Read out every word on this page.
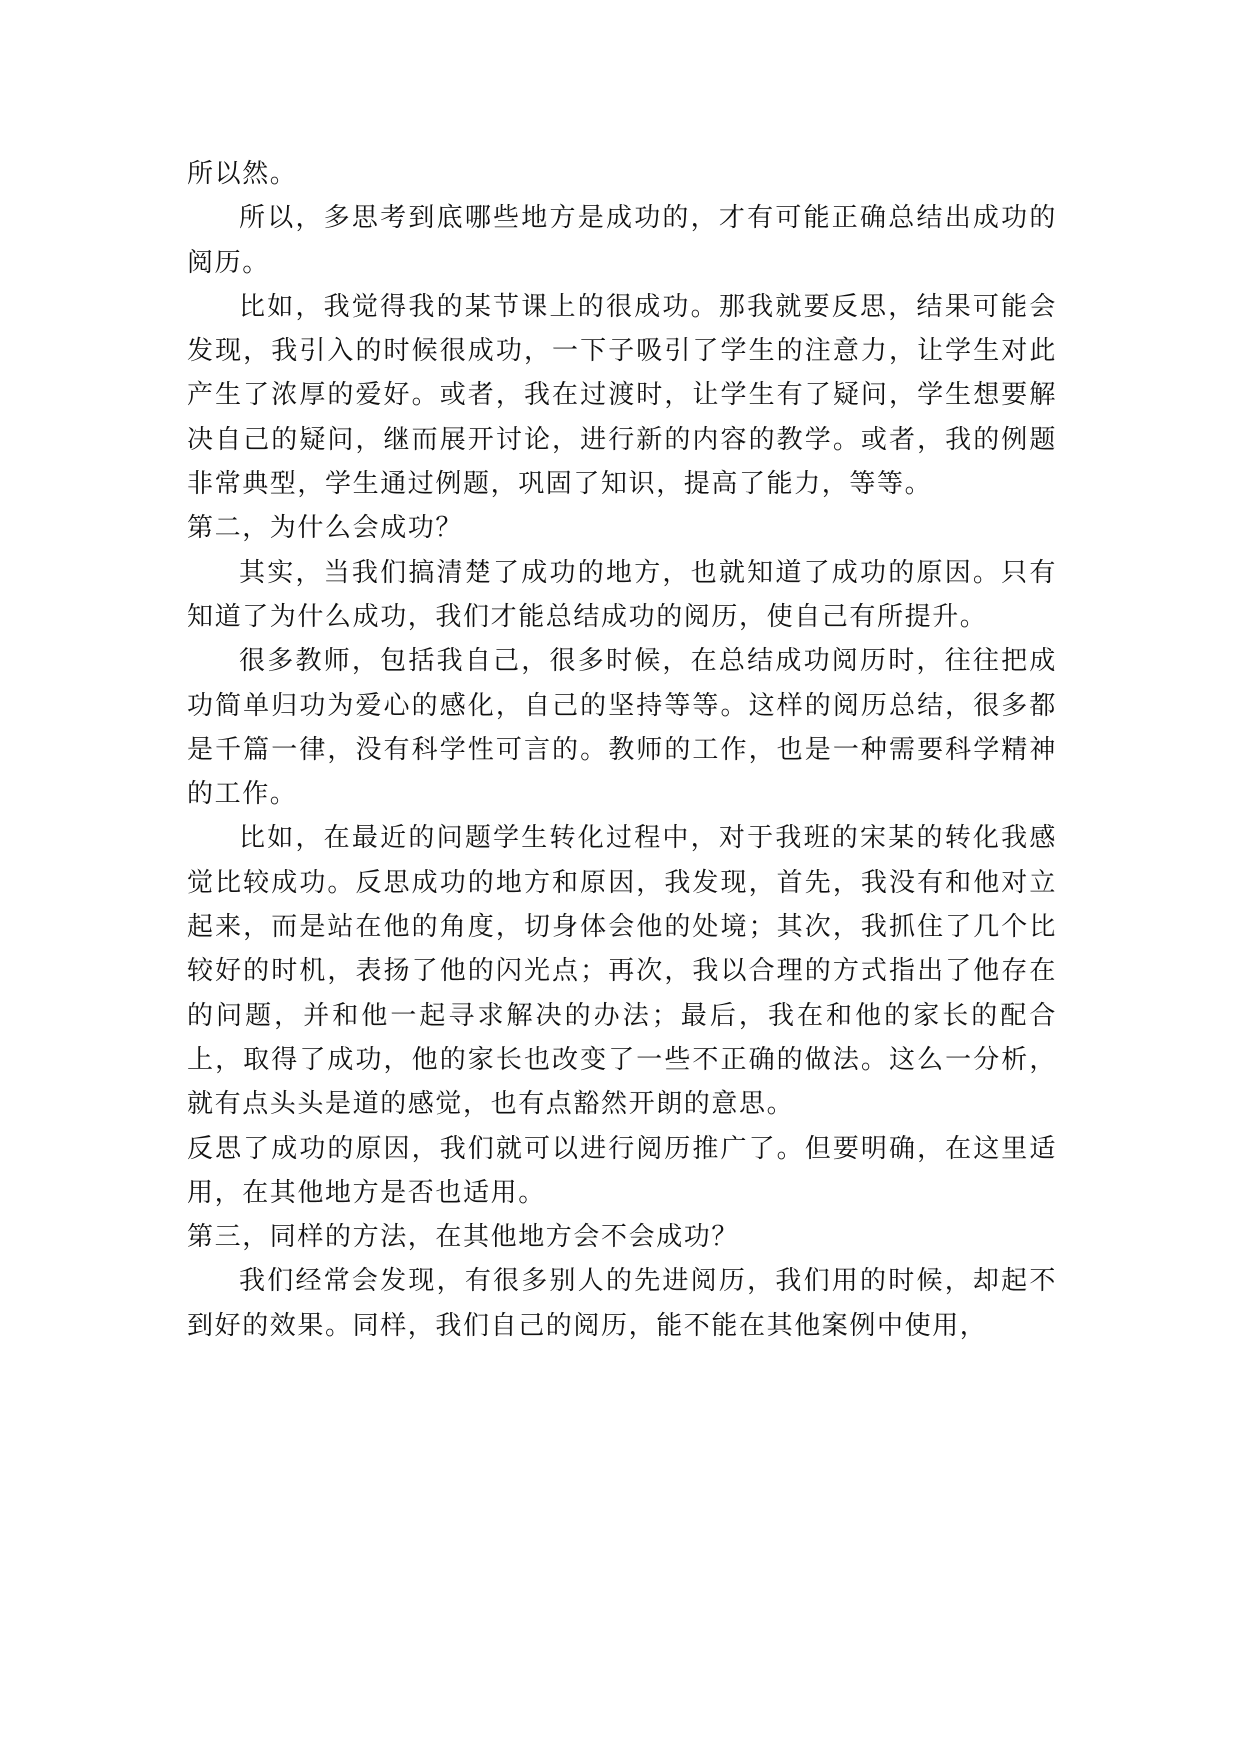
所以然。

所以，多思考到底哪些地方是成功的，才有可能正确总结出成功的阅历。

比如，我觉得我的某节课上的很成功。那我就要反思，结果可能会发现，我引入的时候很成功，一下子吸引了学生的注意力，让学生对此产生了浓厚的爱好。或者，我在过渡时，让学生有了疑问，学生想要解决自己的疑问，继而展开讨论，进行新的内容的教学。或者，我的例题非常典型，学生通过例题，巩固了知识，提高了能力，等等。

第二，为什么会成功？

其实，当我们搞清楚了成功的地方，也就知道了成功的原因。只有知道了为什么成功，我们才能总结成功的阅历，使自己有所提升。

很多教师，包括我自己，很多时候，在总结成功阅历时，往往把成功简单归功为爱心的感化，自己的坚持等等。这样的阅历总结，很多都是千篇一律，没有科学性可言的。教师的工作，也是一种需要科学精神的工作。

比如，在最近的问题学生转化过程中，对于我班的宋某的转化我感觉比较成功。反思成功的地方和原因，我发现，首先，我没有和他对立起来，而是站在他的角度，切身体会他的处境；其次，我抓住了几个比较好的时机，表扬了他的闪光点；再次，我以合理的方式指出了他存在的问题，并和他一起寻求解决的办法；最后，我在和他的家长的配合上，取得了成功，他的家长也改变了一些不正确的做法。这么一分析，就有点头头是道的感觉，也有点豁然开朗的意思。

反思了成功的原因，我们就可以进行阅历推广了。但要明确，在这里适用，在其他地方是否也适用。

第三，同样的方法，在其他地方会不会成功？

我们经常会发现，有很多别人的先进阅历，我们用的时候，却起不到好的效果。同样，我们自己的阅历，能不能在其他案例中使用，
